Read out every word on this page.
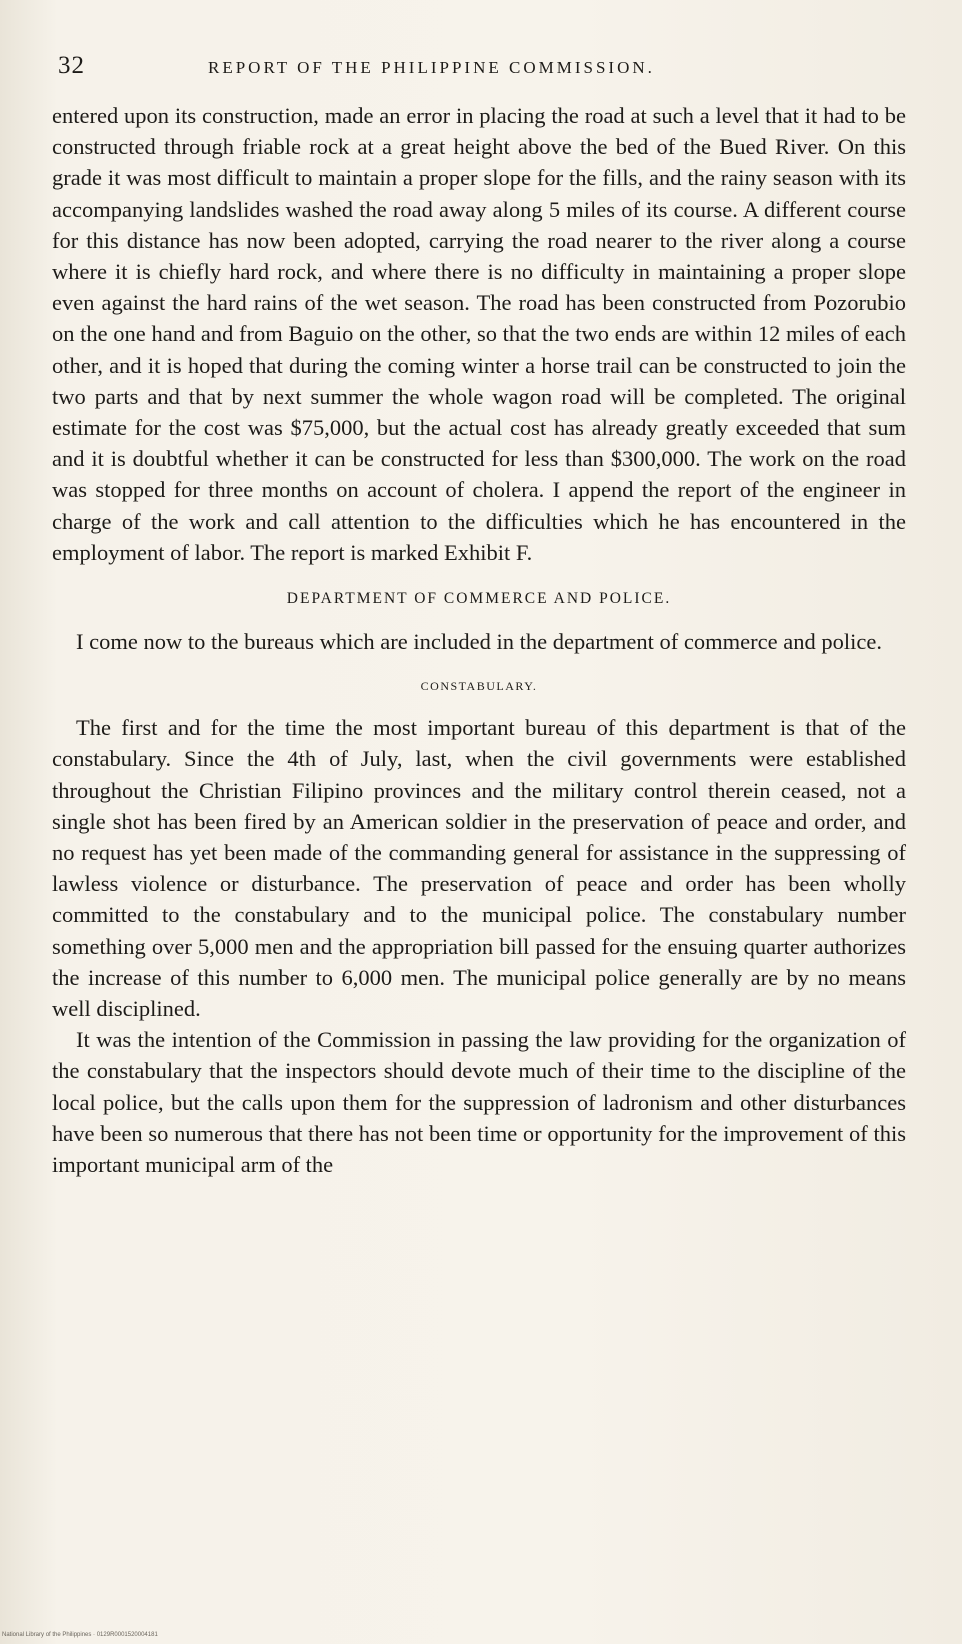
32	REPORT OF THE PHILIPPINE COMMISSION.

entered upon its construction, made an error in placing the road at such a level that it had to be constructed through friable rock at a great height above the bed of the Bued River. On this grade it was most difficult to maintain a proper slope for the fills, and the rainy season with its accompanying landslides washed the road away along 5 miles of its course. A different course for this distance has now been adopted, carrying the road nearer to the river along a course where it is chiefly hard rock, and where there is no difficulty in maintaining a proper slope even against the hard rains of the wet season. The road has been constructed from Pozorubio on the one hand and from Baguio on the other, so that the two ends are within 12 miles of each other, and it is hoped that during the coming winter a horse trail can be constructed to join the two parts and that by next summer the whole wagon road will be completed. The original estimate for the cost was $75,000, but the actual cost has already greatly exceeded that sum and it is doubtful whether it can be constructed for less than $300,000. The work on the road was stopped for three months on account of cholera. I append the report of the engineer in charge of the work and call attention to the difficulties which he has encountered in the employment of labor. The report is marked Exhibit F.

DEPARTMENT OF COMMERCE AND POLICE.

I come now to the bureaus which are included in the department of commerce and police.

CONSTABULARY.

The first and for the time the most important bureau of this department is that of the constabulary. Since the 4th of July, last, when the civil governments were established throughout the Christian Filipino provinces and the military control therein ceased, not a single shot has been fired by an American soldier in the preservation of peace and order, and no request has yet been made of the commanding general for assistance in the suppressing of lawless violence or disturbance. The preservation of peace and order has been wholly committed to the constabulary and to the municipal police. The constabulary number something over 5,000 men and the appropriation bill passed for the ensuing quarter authorizes the increase of this number to 6,000 men. The municipal police generally are by no means well disciplined.

It was the intention of the Commission in passing the law providing for the organization of the constabulary that the inspectors should devote much of their time to the discipline of the local police, but the calls upon them for the suppression of ladronism and other disturbances have been so numerous that there has not been time or opportunity for the improvement of this important municipal arm of the

National Library of the Philippines · 0129R0001520004181
